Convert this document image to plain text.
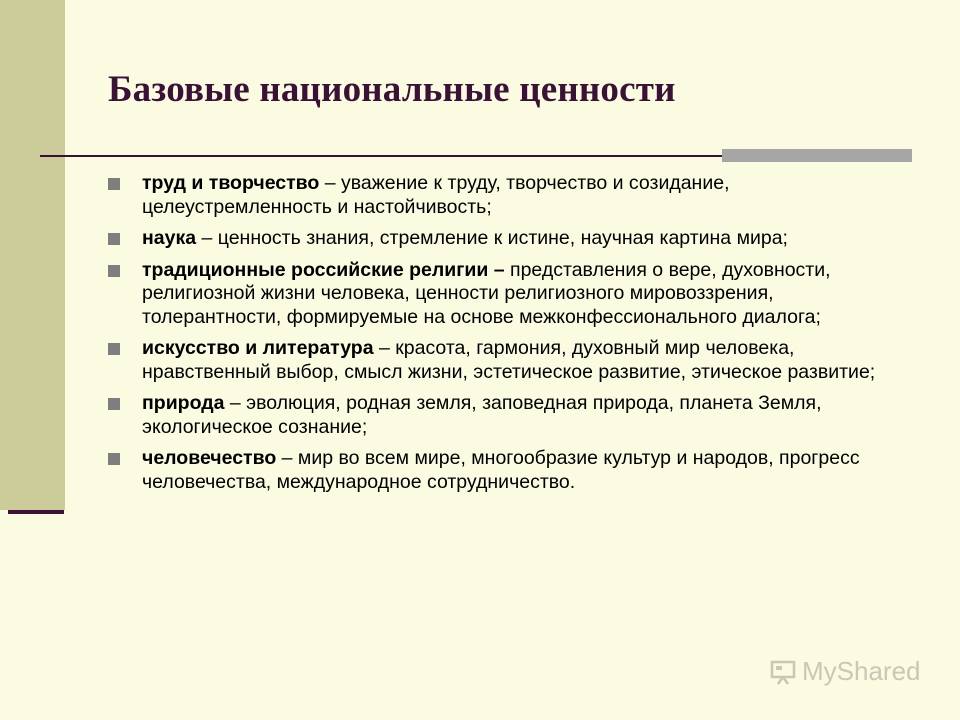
Базовые национальные ценности
труд и творчество – уважение к труду, творчество и созидание, целеустремленность и настойчивость;
наука – ценность знания, стремление к истине, научная картина мира;
традиционные российские религии – представления о вере, духовности, религиозной жизни человека, ценности религиозного мировоззрения, толерантности, формируемые на основе межконфессионального диалога;
искусство и литература – красота, гармония, духовный мир человека, нравственный выбор, смысл жизни, эстетическое развитие, этическое развитие;
природа – эволюция, родная земля, заповедная природа, планета Земля, экологическое сознание;
человечество – мир во всем мире, многообразие культур и народов, прогресс человечества, международное сотрудничество.
MyShared
